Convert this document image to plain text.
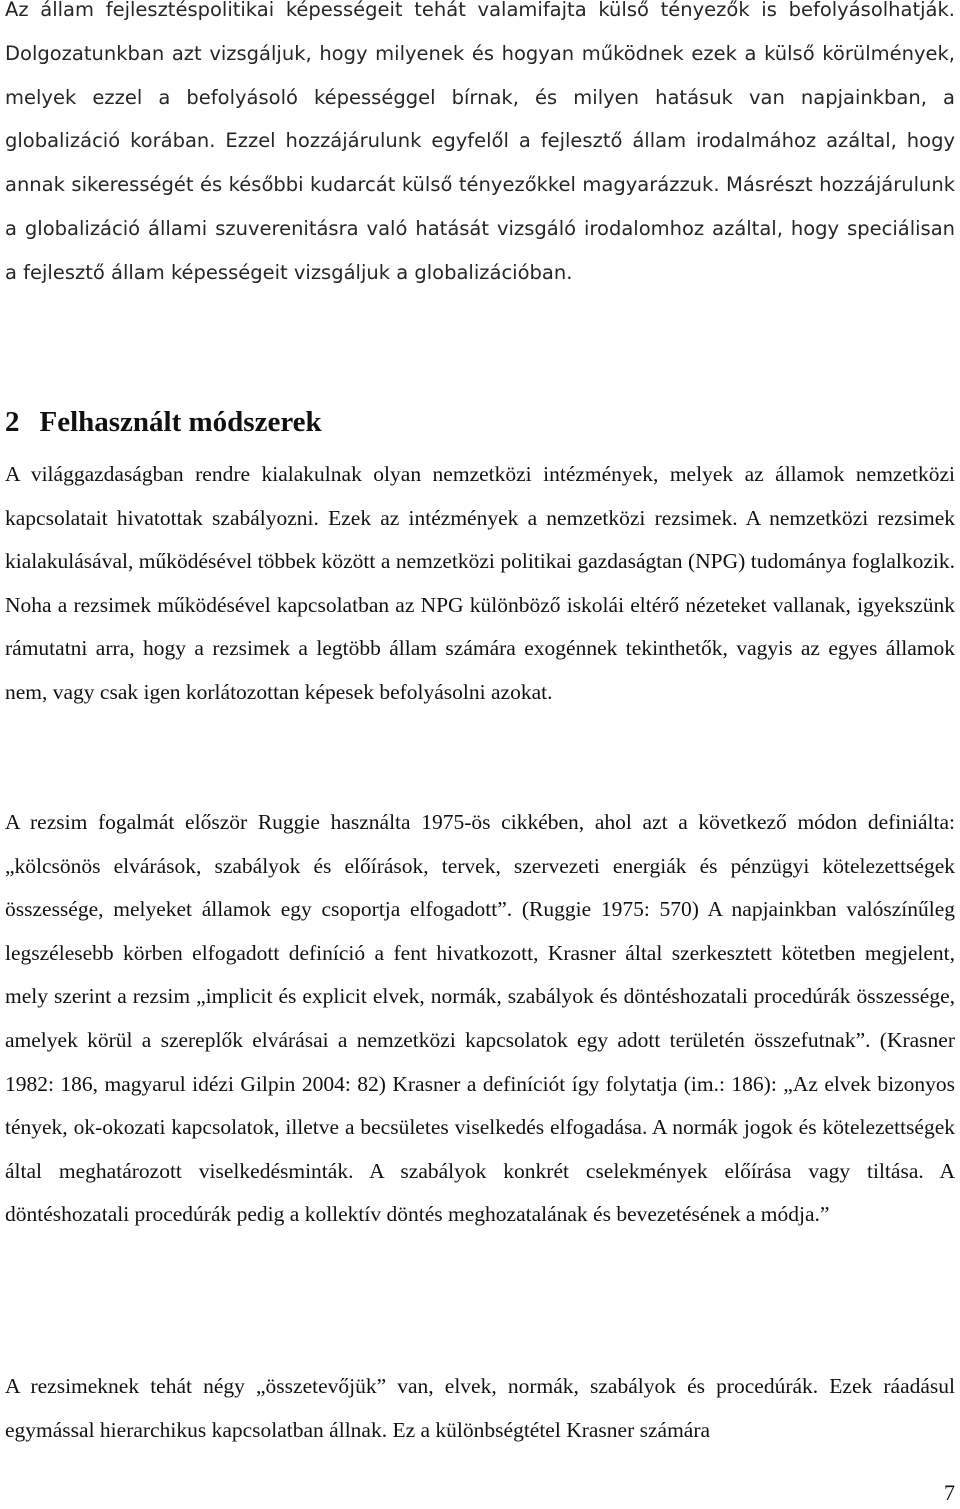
Az állam fejlesztéspolitikai képességeit tehát valamifajta külső tényezők is befolyásolhatják. Dolgozatunkban azt vizsgáljuk, hogy milyenek és hogyan működnek ezek a külső körülmények, melyek ezzel a befolyásoló képességgel bírnak, és milyen hatásuk van napjainkban, a globalizáció korában. Ezzel hozzájárulunk egyfelől a fejlesztő állam irodalmához azáltal, hogy annak sikerességét és későbbi kudarcát külső tényezőkkel magyarázzuk. Másrészt hozzájárulunk a globalizáció állami szuverenitásra való hatását vizsgáló irodalomhoz azáltal, hogy speciálisan a fejlesztő állam képességeit vizsgáljuk a globalizációban.

2 Felhasznált módszerek

A világgazdaságban rendre kialakulnak olyan nemzetközi intézmények, melyek az államok nemzetközi kapcsolatait hivatottak szabályozni. Ezek az intézmények a nemzetközi rezsimek. A nemzetközi rezsimek kialakulásával, működésével többek között a nemzetközi politikai gazdaságtan (NPG) tudománya foglalkozik. Noha a rezsimek működésével kapcsolatban az NPG különböző iskolái eltérő nézeteket vallanak, igyekszünk rámutatni arra, hogy a rezsimek a legtöbb állam számára exogénnek tekinthetők, vagyis az egyes államok nem, vagy csak igen korlátozottan képesek befolyásolni azokat.

A rezsim fogalmát először Ruggie használta 1975-ös cikkében, ahol azt a következő módon definiálta: „kölcsönös elvárások, szabályok és előírások, tervek, szervezeti energiák és pénzügyi kötelezettségek összessége, melyeket államok egy csoportja elfogadott”. (Ruggie 1975: 570) A napjainkban valószínűleg legszélesebb körben elfogadott definíció a fent hivatkozott, Krasner által szerkesztett kötetben megjelent, mely szerint a rezsim „implicit és explicit elvek, normák, szabályok és döntéshozatali procedúrák összessége, amelyek körül a szereplők elvárásai a nemzetközi kapcsolatok egy adott területén összefutnak”. (Krasner 1982: 186, magyarul idézi Gilpin 2004: 82) Krasner a definíciót így folytatja (im.: 186): „Az elvek bizonyos tények, ok-okozati kapcsolatok, illetve a becsületes viselkedés elfogadása. A normák jogok és kötelezettségek által meghatározott viselkedésminták. A szabályok konkrét cselekmények előírása vagy tiltása. A döntéshozatali procedúrák pedig a kollektív döntés meghozatalának és bevezetésének a módja.”

A rezsimeknek tehát négy „összetevőjük” van, elvek, normák, szabályok és procedúrák. Ezek ráadásul egymással hierarchikus kapcsolatban állnak. Ez a különbségtétel Krasner számára

7
